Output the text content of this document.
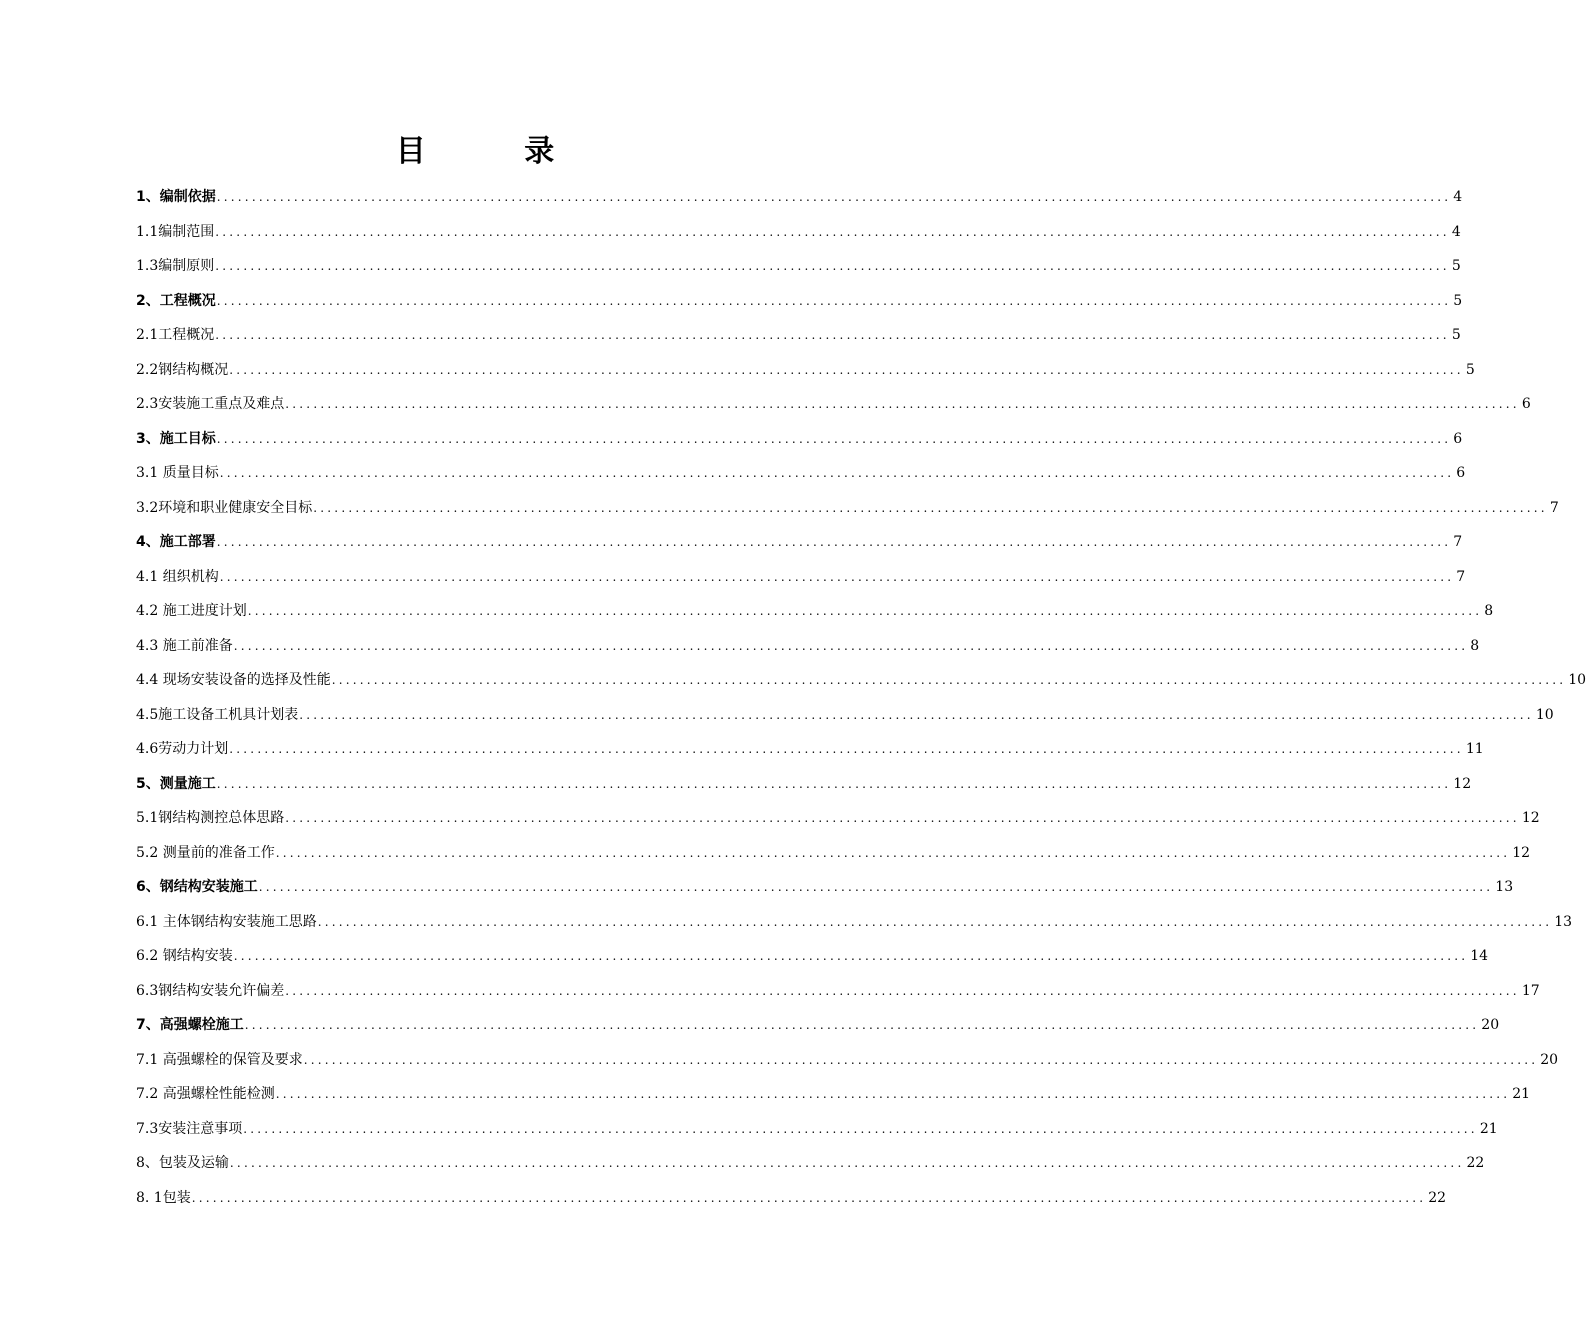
目 录
1、编制依据 ................................................................................................................................................................................ 4
1.1编制范围 ................................................................................................................................................................................ 4
1.3编制原则 ................................................................................................................................................................................ 5
2、工程概况 ................................................................................................................................................................................ 5
2.1工程概况 ................................................................................................................................................................................ 5
2.2钢结构概况 ................................................................................................................................................................................ 5
2.3安装施工重点及难点 ................................................................................................................................................................................ 6
3、施工目标 ................................................................................................................................................................................ 6
3.1 质量目标 ................................................................................................................................................................................ 6
3.2环境和职业健康安全目标 ................................................................................................................................................................................ 7
4、施工部署 ................................................................................................................................................................................ 7
4.1 组织机构 ................................................................................................................................................................................ 7
4.2 施工进度计划 ................................................................................................................................................................................ 8
4.3 施工前准备 ................................................................................................................................................................................ 8
4.4 现场安装设备的选择及性能 ................................................................................................................................................................................ 10
4.5施工设备工机具计划表 ................................................................................................................................................................................ 10
4.6劳动力计划 ................................................................................................................................................................................ 11
5、测量施工 ................................................................................................................................................................................ 12
5.1钢结构测控总体思路 ................................................................................................................................................................................ 12
5.2 测量前的准备工作 ................................................................................................................................................................................ 12
6、钢结构安装施工 ................................................................................................................................................................................ 13
6.1 主体钢结构安装施工思路 ................................................................................................................................................................................ 13
6.2 钢结构安装 ................................................................................................................................................................................ 14
6.3钢结构安装允许偏差 ................................................................................................................................................................................ 17
7、高强螺栓施工 ................................................................................................................................................................................ 20
7.1 高强螺栓的保管及要求 ................................................................................................................................................................................ 20
7.2 高强螺栓性能检测 ................................................................................................................................................................................ 21
7.3安装注意事项 ................................................................................................................................................................................ 21
8、包装及运输 ................................................................................................................................................................................ 22
8. 1包装 ................................................................................................................................................................................ 22
